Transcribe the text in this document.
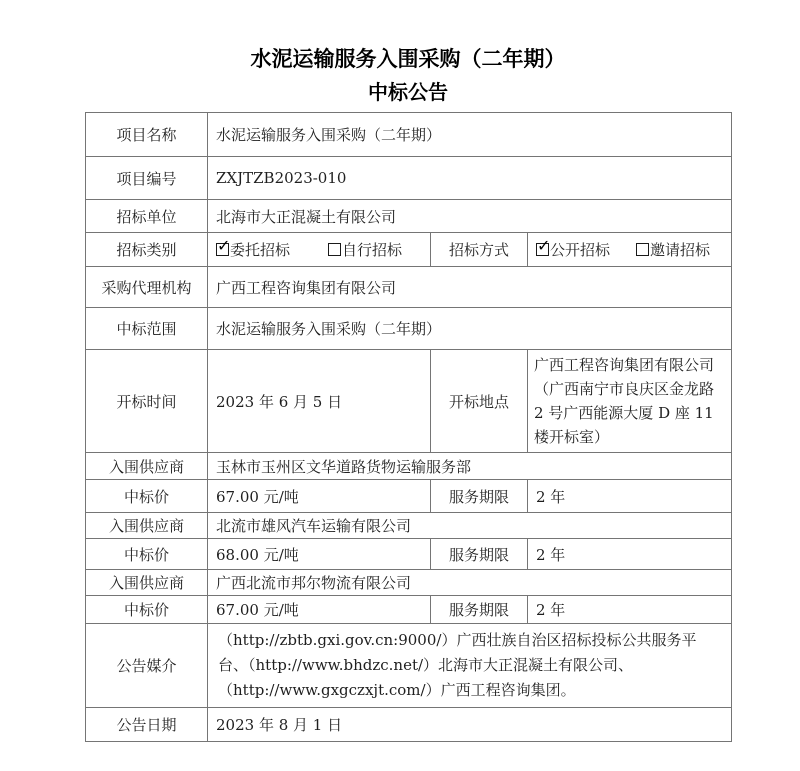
水泥运输服务入围采购（二年期）
中标公告
项目名称	水泥运输服务入围采购（二年期）		
项目编号	ZXJTZB2023-010		
招标单位	北海市大正混凝土有限公司		
招标类别	✓ 委托招标 自行招标	招标方式	✓ 公开招标 邀请招标

采购代理机构	广西工程咨询集团有限公司		
中标范围	水泥运输服务入围采购（二年期）		
开标时间	2023 年 6 月 5 日	开标地点	广西工程咨询集团有限公司（广西南宁市良庆区金龙路 2 号广西能源大厦 D 座 11 楼开标室）
入围供应商	玉林市玉州区文华道路货物运输服务部		
中标价	67.00 元/吨	服务期限	2 年
入围供应商	北流市雄风汽车运输有限公司		
中标价	68.00 元/吨	服务期限	2 年
入围供应商	广西北流市邦尔物流有限公司		
中标价	67.00 元/吨	服务期限	2 年
公告媒介	（http://zbtb.gxi.gov.cn:9000/）广西壮族自治区招标投标公共服务平台、（http://www.bhdzc.net/）北海市大正混凝土有限公司、（http://www.gxgczxjt.com/）广西工程咨询集团。		
公告日期	2023 年 8 月 1 日		
